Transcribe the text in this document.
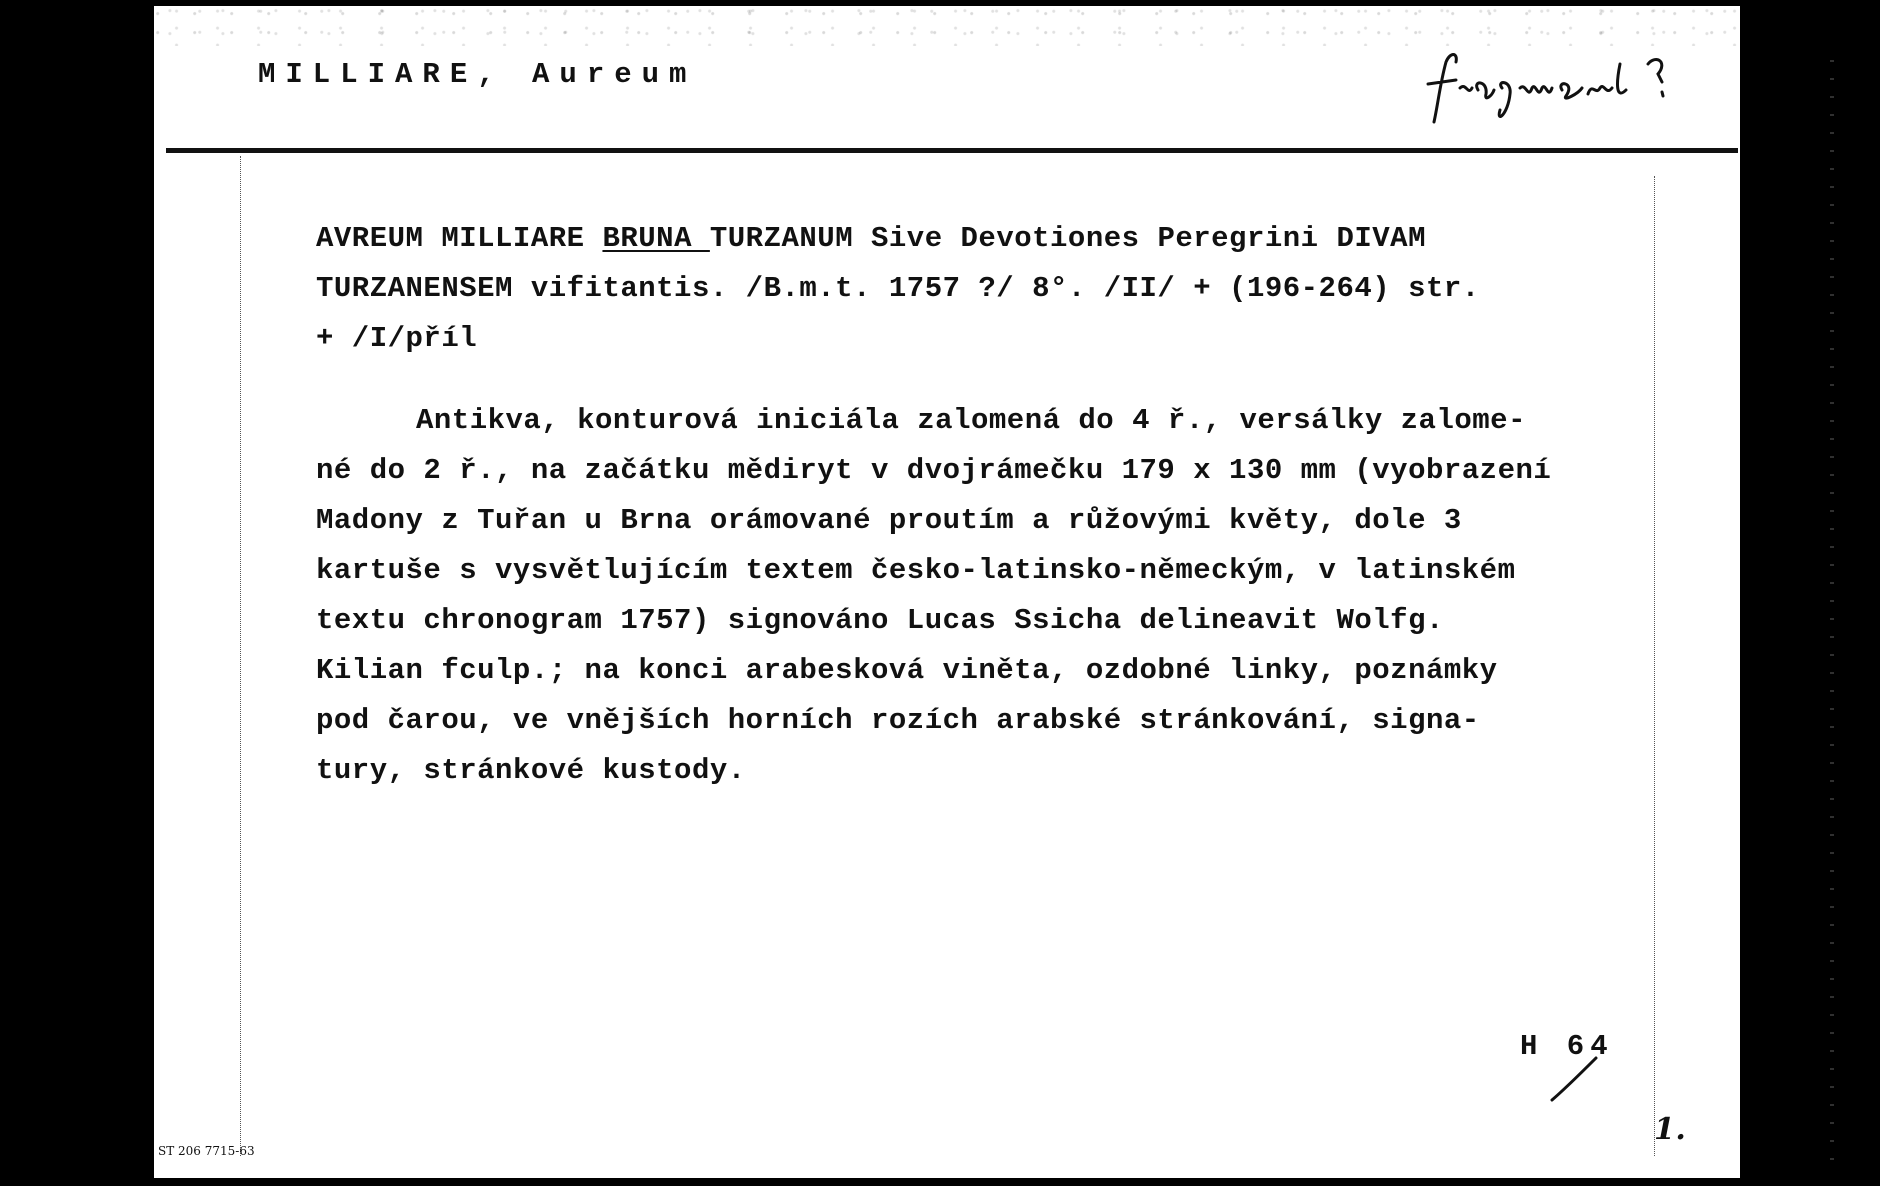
MILLIARE, Aureum
AVREUM MILLIARE BRUNA TURZANUM Sive Devotiones Peregrini DIVAM
TURZANENSEM vifitantis. /B.m.t. 1757 ?/ 8°. /II/ + (196-264) str.
+ /I/příl
Antikva, konturová iniciála zalomená do 4 ř., versálky zalome-
né do 2 ř., na začátku mědiryt v dvojrámečku 179 x 130 mm (vyobrazení
Madony z Tuřan u Brna orámované proutím a růžovými květy, dole 3
kartuše s vysvětlujícím textem česko-latinsko-německým, v latinském
textu chronogram 1757) signováno Lucas Ssicha delineavit Wolfg.
Kilian fculp.; na konci arabesková viněta, ozdobné linky, poznámky
pod čarou, ve vnějších horních rozích arabské stránkování, signa-
tury, stránkové kustody.
H 64
1.
ST 206 7715-63
